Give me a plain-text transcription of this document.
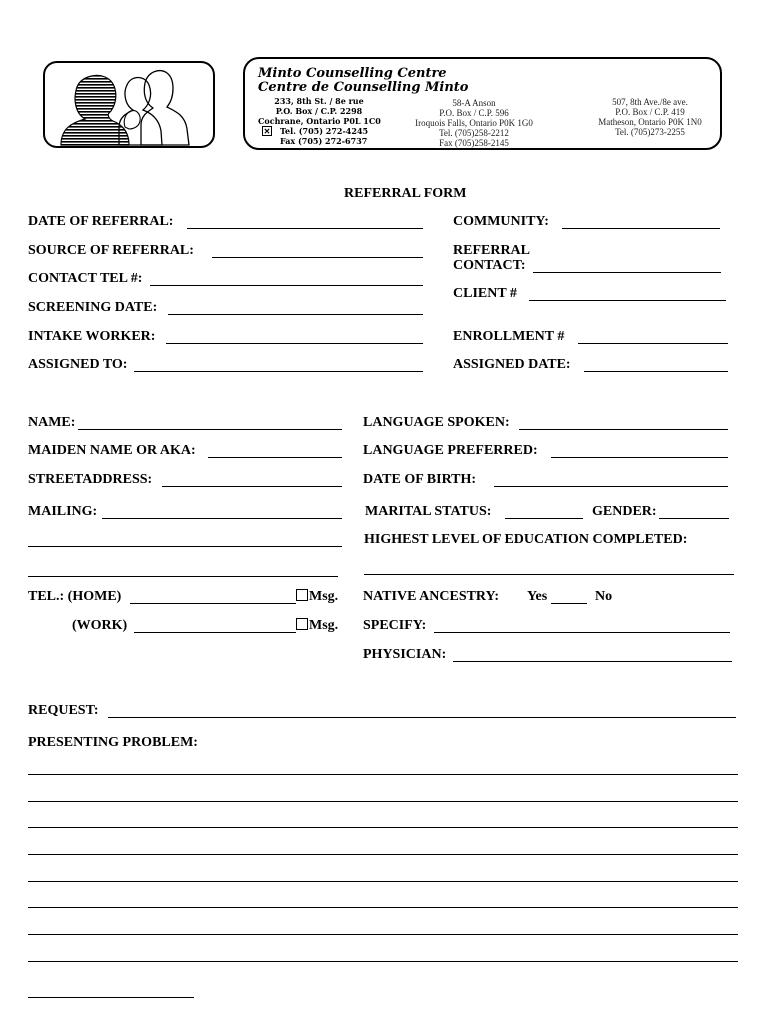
Minto Counselling Centre
Centre de Counselling Minto
233, 8th St. / 8e rue
P.O. Box / C.P. 2298
Cochrane, Ontario P0L 1C0
✕ Tel. (705) 272-4245
Fax (705) 272-6737
58-A Anson
P.O. Box / C.P. 596
Iroquois Falls, Ontario P0K 1G0
Tel. (705)258-2212
Fax (705)258-2145
507, 8th Ave./8e ave.
P.O. Box / C.P. 419
Matheson, Ontario P0K 1N0
Tel. (705)273-2255
REFERRAL FORM
DATE OF REFERRAL:
SOURCE OF REFERRAL:
CONTACT TEL #:
SCREENING DATE:
INTAKE WORKER:
ASSIGNED TO:
COMMUNITY:
REFERRAL
CONTACT:
CLIENT #
ENROLLMENT #
ASSIGNED DATE:
NAME:
MAIDEN NAME OR AKA:
STREETADDRESS:
MAILING:
TEL.: (HOME)	Msg.
(WORK)	Msg.
LANGUAGE SPOKEN:
LANGUAGE PREFERRED:
DATE OF BIRTH:
MARITAL STATUS:	GENDER:
HIGHEST LEVEL OF EDUCATION COMPLETED:
NATIVE ANCESTRY: Yes	No
SPECIFY:
PHYSICIAN:
REQUEST:
PRESENTING PROBLEM:
